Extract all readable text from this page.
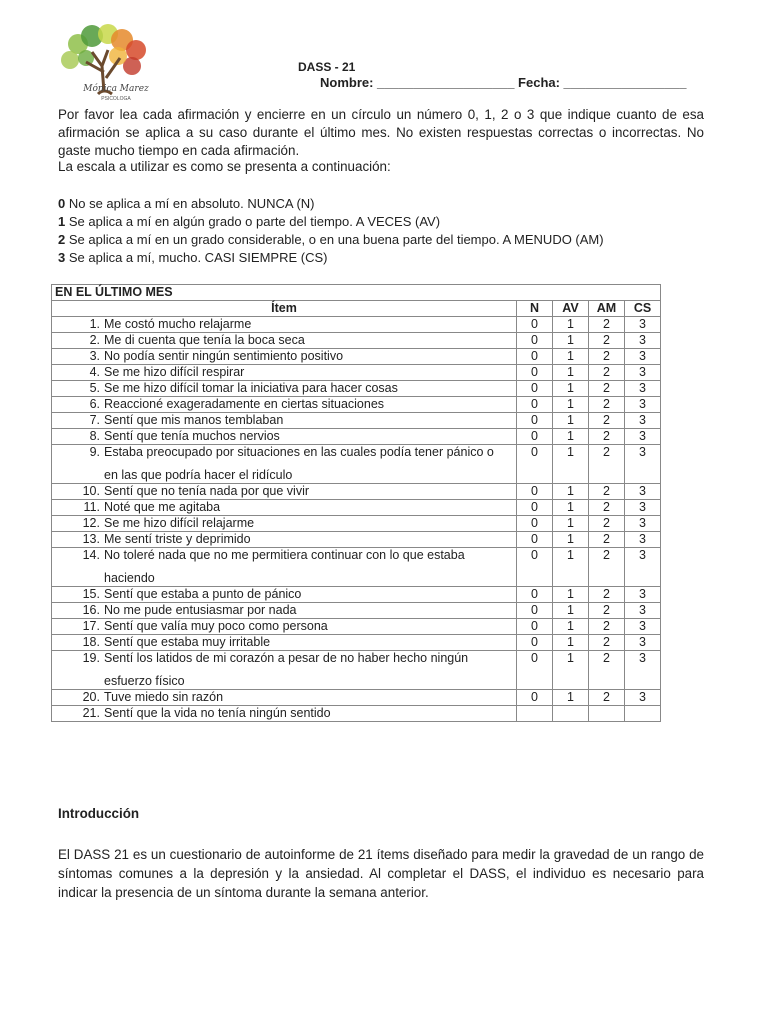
Mónica Marez
PSICOLOGA
DASS - 21
Nombre: ___________________ Fecha: _________________

Por favor lea cada afirmación y encierre en un círculo un número 0, 1, 2 o 3 que indique cuanto de esa afirmación se aplica a su caso durante el último mes. No existen respuestas correctas o incorrectas. No gaste mucho tiempo en cada afirmación.

La escala a utilizar es como se presenta a continuación:

0 No se aplica a mí en absoluto. NUNCA (N)
1 Se aplica a mí en algún grado o parte del tiempo. A VECES (AV)
2 Se aplica a mí en un grado considerable, o en una buena parte del tiempo. A MENUDO (AM)
3 Se aplica a mí, mucho. CASI SIEMPRE (CS)
EN EL ÚLTIMO MES				
Ítem	N	AV	AM	CS
1. Me costó mucho relajarme	0	1	2	3
2. Me di cuenta que tenía la boca seca	0	1	2	3
3. No podía sentir ningún sentimiento positivo	0	1	2	3
4. Se me hizo difícil respirar	0	1	2	3
5. Se me hizo difícil tomar la iniciativa para hacer cosas	0	1	2	3
6. Reaccioné exageradamente en ciertas situaciones	0	1	2	3
7. Sentí que mis manos temblaban	0	1	2	3
8. Sentí que tenía muchos nervios	0	1	2	3
9. Estaba preocupado por situaciones en las cuales podía tener pánico o
en las que podría hacer el ridículo	0	1	2	3
10. Sentí que no tenía nada por que vivir	0	1	2	3
11. Noté que me agitaba	0	1	2	3
12. Se me hizo difícil relajarme	0	1	2	3
13. Me sentí triste y deprimido	0	1	2	3
14. No toleré nada que no me permitiera continuar con lo que estaba
haciendo	0	1	2	3
15. Sentí que estaba a punto de pánico	0	1	2	3
16. No me pude entusiasmar por nada	0	1	2	3
17. Sentí que valía muy poco como persona	0	1	2	3
18. Sentí que estaba muy irritable	0	1	2	3
19. Sentí los latidos de mi corazón a pesar de no haber hecho ningún
esfuerzo físico	0	1	2	3
20. Tuve miedo sin razón	0	1	2	3
21. Sentí que la vida no tenía ningún sentido				

Introducción

El DASS 21 es un cuestionario de autoinforme de 21 ítems diseñado para medir la gravedad de un rango de síntomas comunes a la depresión y la ansiedad. Al completar el DASS, el individuo es necesario para indicar la presencia de un síntoma durante la semana anterior.
